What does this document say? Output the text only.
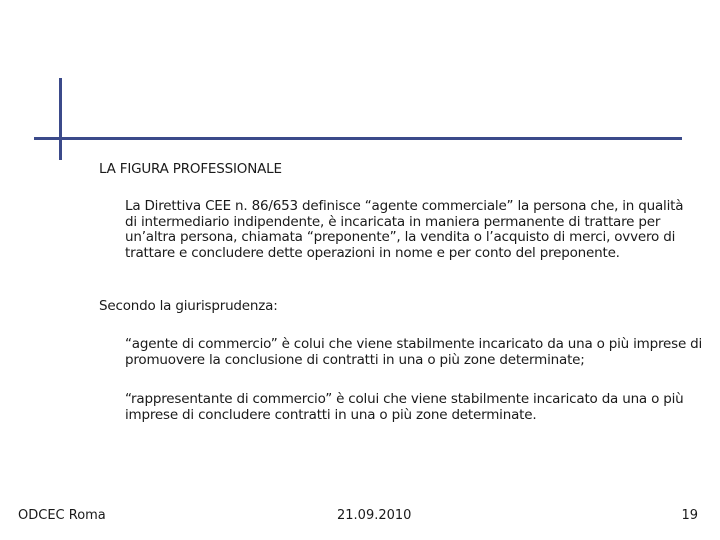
LA FIGURA PROFESSIONALE
La Direttiva CEE n. 86/653 definisce “agente commerciale” la persona che, in qualità di intermediario indipendente, è incaricata in maniera permanente di trattare per un’altra persona, chiamata “preponente”, la vendita o l’acquisto di merci, ovvero di trattare e concludere dette operazioni in nome e per conto del preponente.
Secondo la giurisprudenza:
“agente di commercio” è colui che viene stabilmente incaricato da una o più imprese di promuovere la conclusione di contratti in una o più zone determinate;
“rappresentante di commercio” è colui che viene stabilmente incaricato da una o più imprese di concludere contratti in una o più zone determinate.
ODCEC Roma	21.09.2010	19
